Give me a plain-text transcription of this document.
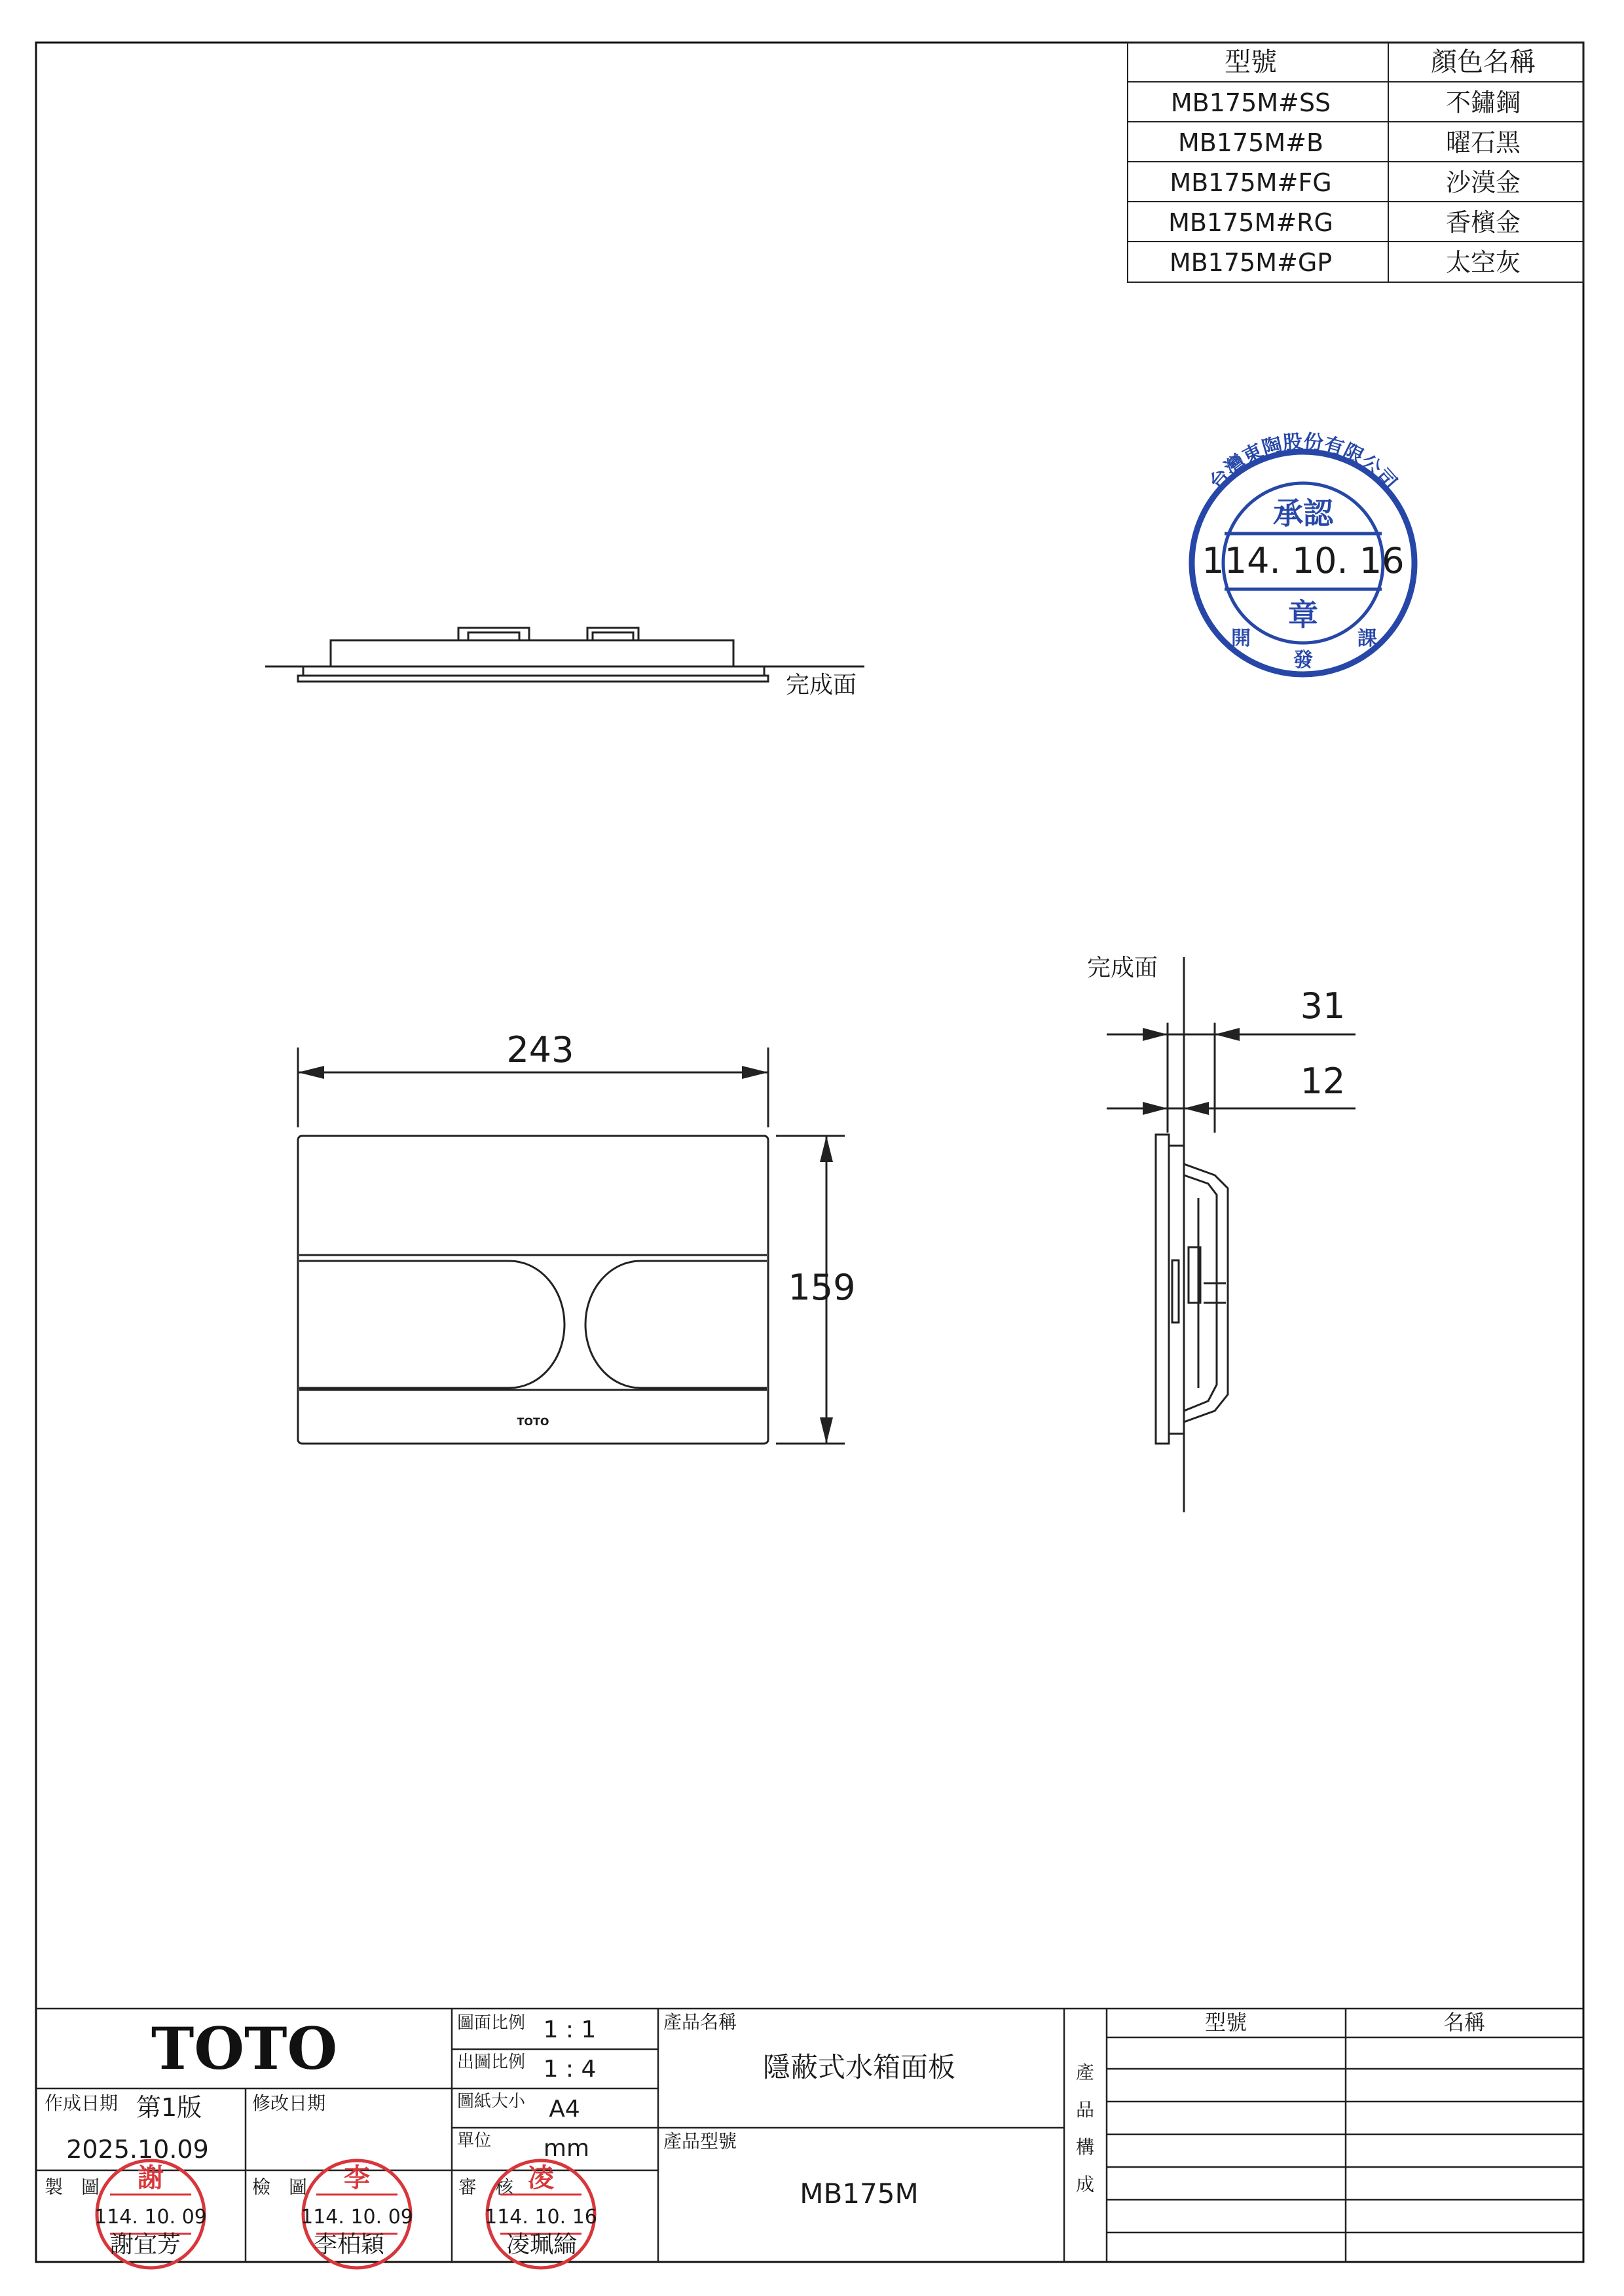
型號	顏色名稱
MB175M#SS	不鏽鋼
MB175M#B	曜石黑
MB175M#FG	沙漠金
MB175M#RG	香檳金
MB175M#GP	太空灰
台灣東陶股份有限公司
承認
114. 10. 16
章
開
發
課
完成面
243
159
TOTO
完成面
31
12
TOTO
作成日期 第1版	修改日期
2025.10.09
製　圖	檢　圖	審　核
謝
114. 10. 09
李
114. 10. 09
凌
114. 10. 16
謝宜芳	李柏穎	凌珮綸
圖面比例 1 : 1
出圖比例 1 : 4
圖紙大小 A4
單位 mm
產品名稱
隱蔽式水箱面板
產品型號
MB175M
產
品
構
成
型號	名稱
